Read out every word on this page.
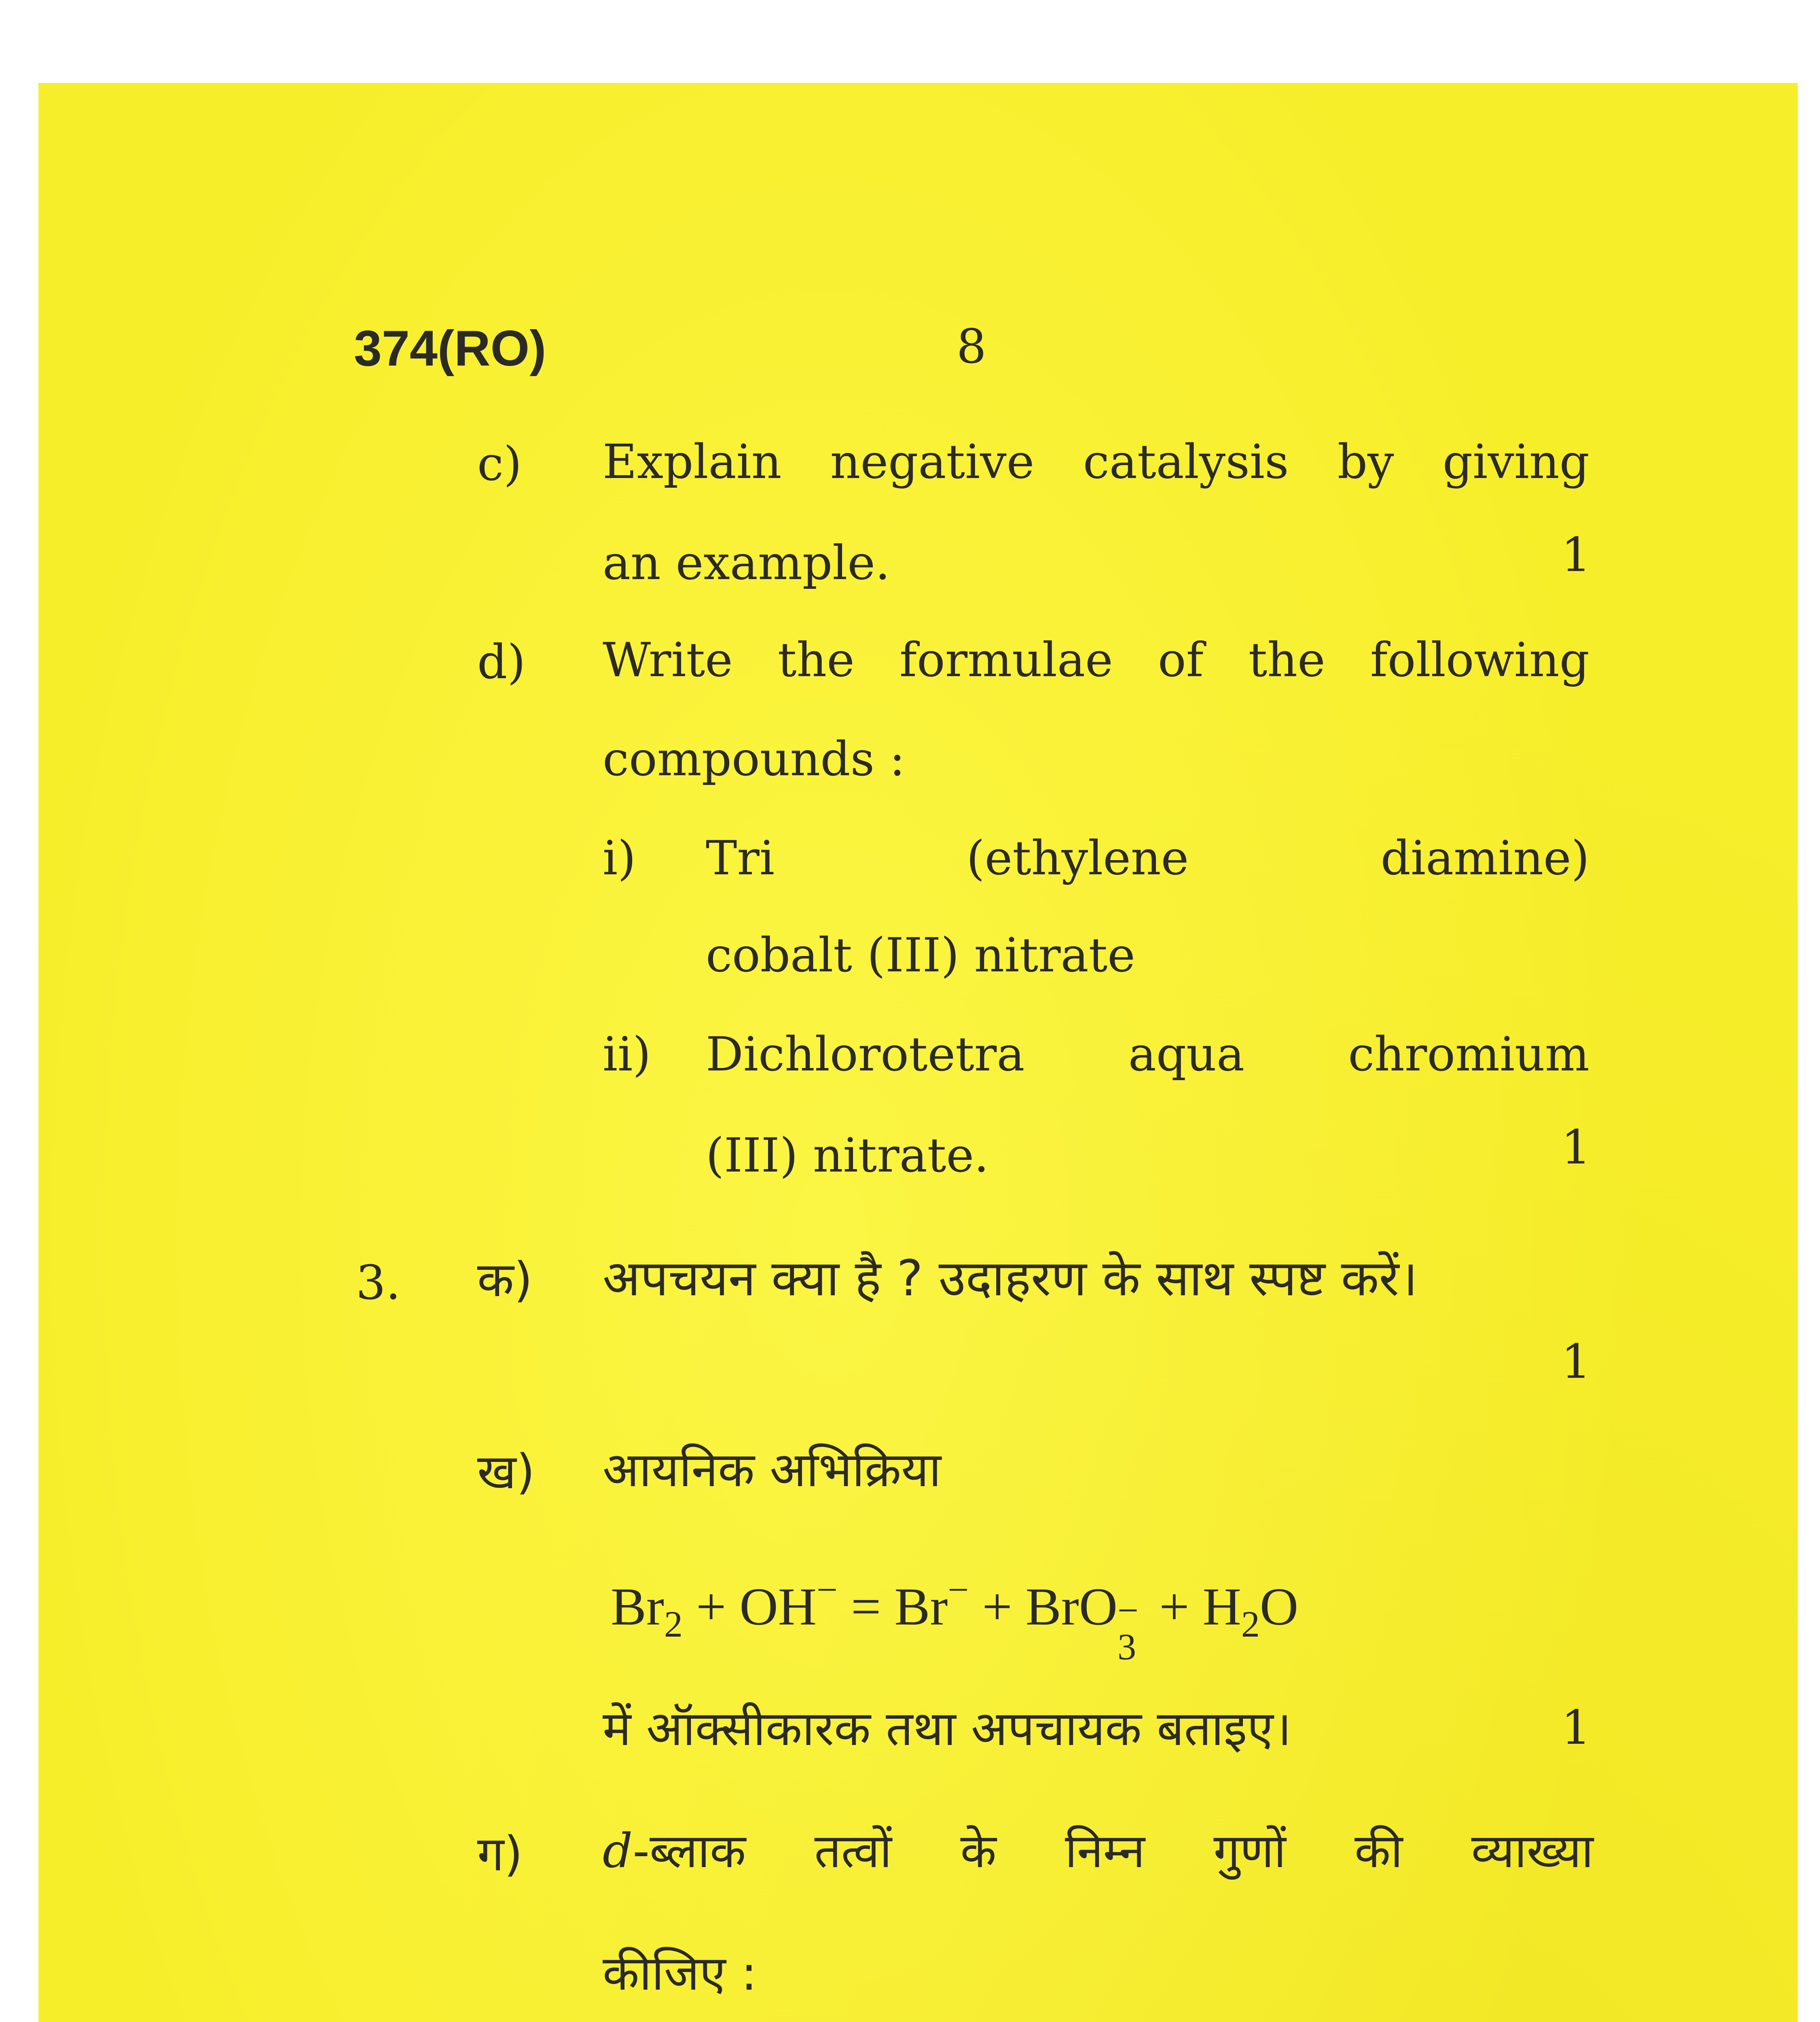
374(RO)	8
c) Explain negative catalysis by giving
an example.	1
d) Write the formulae of the following
compounds :
i) Tri	(ethylene	diamine)
cobalt (III) nitrate
ii) Dichlorotetra aqua chromium
(III) nitrate.	1
3. क) अपचयन क्या है ? उदाहरण के साथ स्पष्ट करें।
1
ख) आयनिक अभिक्रिया
$Br_2 + OH^- = Br^-$ + BrO −
3
+ $H_2O$
में ऑक्सीकारक तथा अपचायक बताइए।	1
ग) d-ब्लाक तत्वों के निम्न गुणों की व्याख्या
कीजिए :
